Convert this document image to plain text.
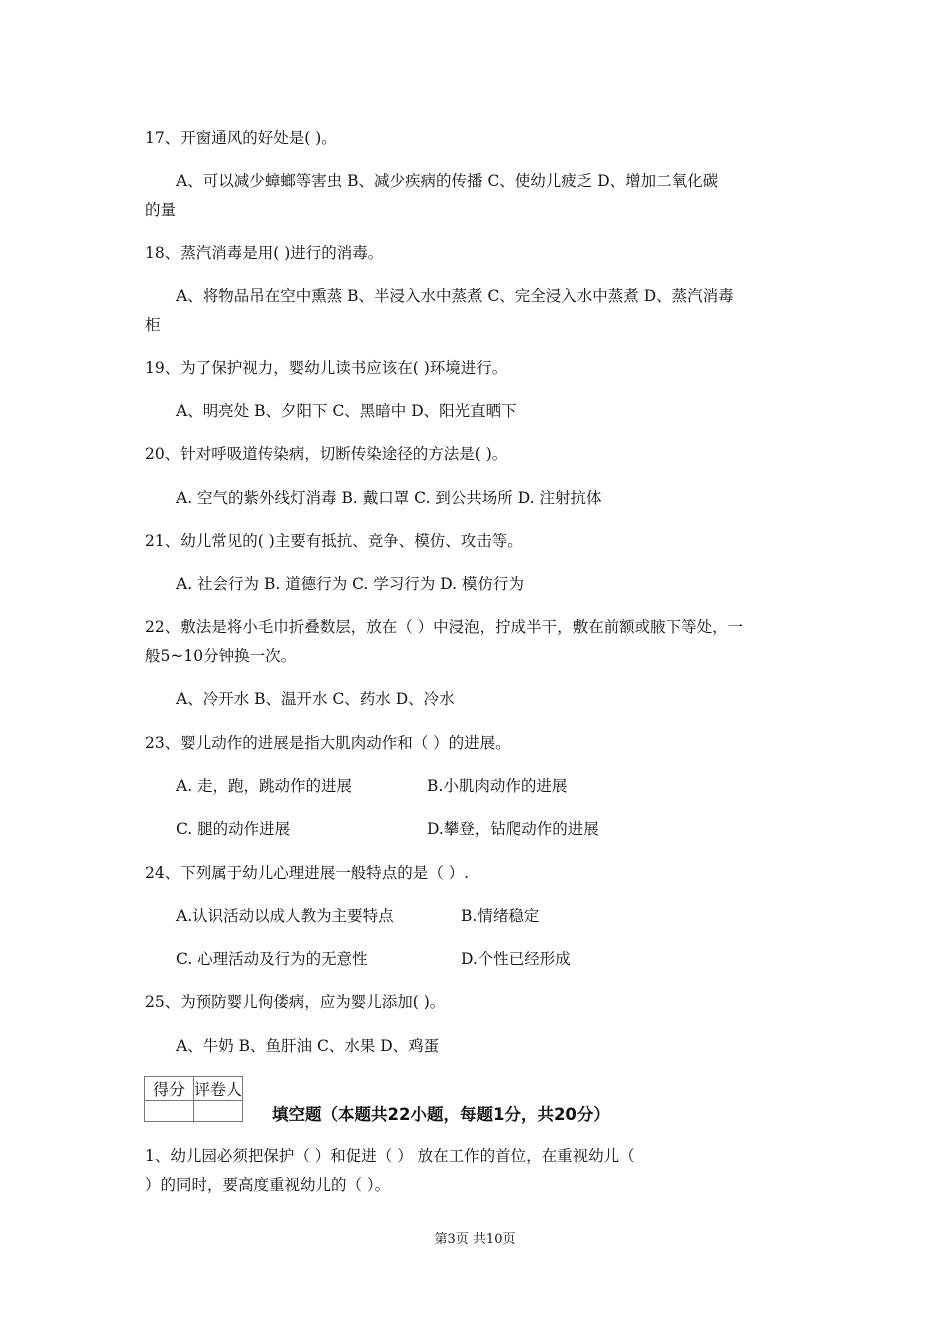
17、开窗通风的好处是( )。
A、可以减少蟑螂等害虫 B、减少疾病的传播 C、使幼儿疲乏 D、增加二氧化碳
的量
18、蒸汽消毒是用( )进行的消毒。
A、将物品吊在空中熏蒸 B、半浸入水中蒸煮 C、完全浸入水中蒸煮 D、蒸汽消毒
柜
19、为了保护视力，婴幼儿读书应该在( )环境进行。
A、明亮处 B、夕阳下 C、黑暗中 D、阳光直晒下
20、针对呼吸道传染病，切断传染途径的方法是( )。
A. 空气的紫外线灯消毒 B. 戴口罩 C. 到公共场所 D. 注射抗体
21、幼儿常见的( )主要有抵抗、竞争、模仿、攻击等。
A. 社会行为 B. 道德行为 C. 学习行为 D. 模仿行为
22、敷法是将小毛巾折叠数层，放在（ ）中浸泡，拧成半干，敷在前额或腋下等处，一
般5~10分钟换一次。
A、冷开水 B、温开水 C、药水 D、冷水
23、婴儿动作的进展是指大肌肉动作和（ ）的进展。
A. 走，跑，跳动作的进展	B.小肌肉动作的进展
C. 腿的动作进展	D.攀登，钻爬动作的进展
24、下列属于幼儿心理进展一般特点的是（ ）.
A.认识活动以成人教为主要特点	B.情绪稳定
C. 心理活动及行为的无意性	D.个性已经形成
25、为预防婴儿佝偻病，应为婴儿添加( )。
A、牛奶 B、鱼肝油 C、水果 D、鸡蛋
得分	评卷人

填空题（本题共22小题，每题1分，共20分）
1、幼儿园必须把保护（ ）和促进（ ） 放在工作的首位，在重视幼儿（
）的同时，要高度重视幼儿的（ ）。
第3页 共10页
